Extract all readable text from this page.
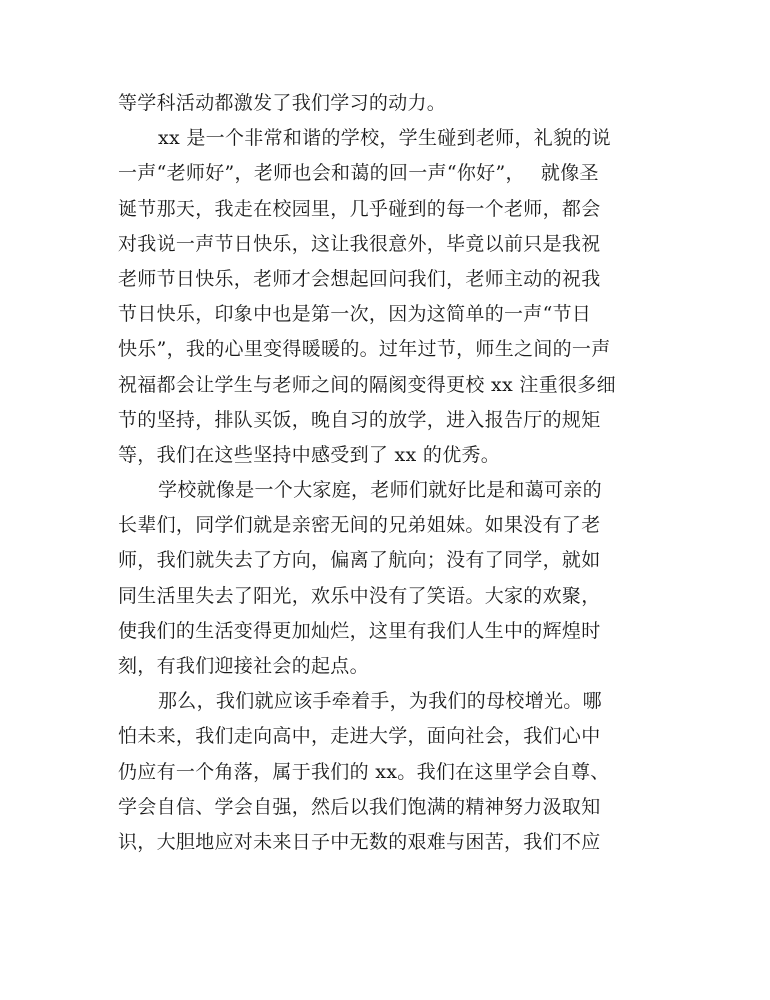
等学科活动都激发了我们学习的动力。
xx 是一个非常和谐的学校，学生碰到老师，礼貌的说
一声“老师好”，老师也会和蔼的回一声“你好”，　 就像圣
诞节那天，我走在校园里，几乎碰到的每一个老师，都会
对我说一声节日快乐，这让我很意外，毕竟以前只是我祝
老师节日快乐，老师才会想起回问我们，老师主动的祝我
节日快乐，印象中也是第一次，因为这简单的一声“节日
快乐”，我的心里变得暖暖的。过年过节，师生之间的一声
祝福都会让学生与老师之间的隔阂变得更校 xx 注重很多细
节的坚持，排队买饭，晚自习的放学，进入报告厅的规矩
等，我们在这些坚持中感受到了 xx 的优秀。
学校就像是一个大家庭，老师们就好比是和蔼可亲的
长辈们，同学们就是亲密无间的兄弟姐妹。如果没有了老
师，我们就失去了方向，偏离了航向；没有了同学，就如
同生活里失去了阳光，欢乐中没有了笑语。大家的欢聚，
使我们的生活变得更加灿烂，这里有我们人生中的辉煌时
刻，有我们迎接社会的起点。
那么，我们就应该手牵着手，为我们的母校增光。哪
怕未来，我们走向高中，走进大学，面向社会，我们心中
仍应有一个角落，属于我们的 xx。我们在这里学会自尊、
学会自信、学会自强，然后以我们饱满的精神努力汲取知
识，大胆地应对未来日子中无数的艰难与困苦，我们不应
